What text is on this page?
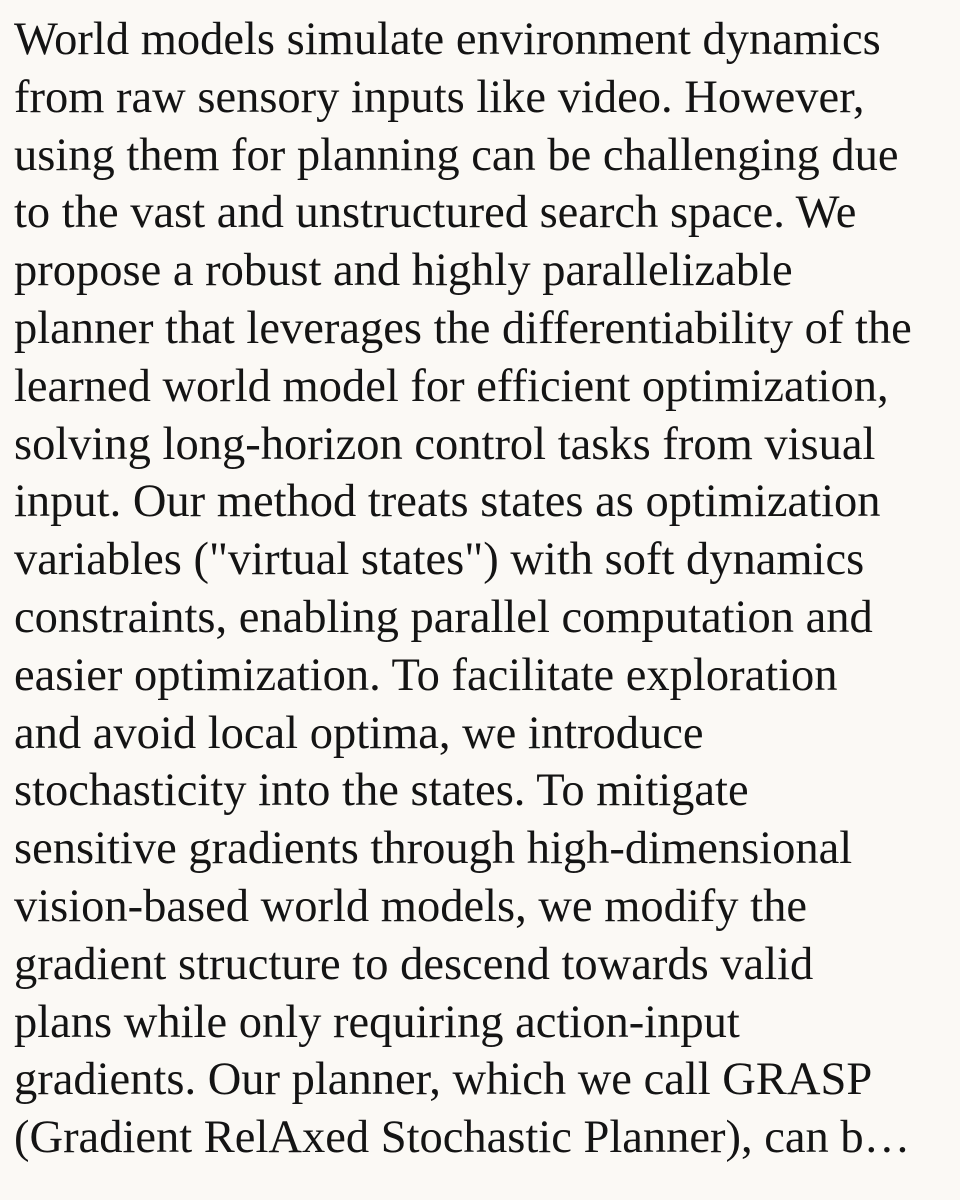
World models simulate environment dynamics
from raw sensory inputs like video. However,
using them for planning can be challenging due
to the vast and unstructured search space. We
propose a robust and highly parallelizable
planner that leverages the differentiability of the
learned world model for efficient optimization,
solving long-horizon control tasks from visual
input. Our method treats states as optimization
variables ("virtual states") with soft dynamics
constraints, enabling parallel computation and
easier optimization. To facilitate exploration
and avoid local optima, we introduce
stochasticity into the states. To mitigate
sensitive gradients through high-dimensional
vision-based world models, we modify the
gradient structure to descend towards valid
plans while only requiring action-input
gradients. Our planner, which we call GRASP
(Gradient RelAxed Stochastic Planner), can b…
